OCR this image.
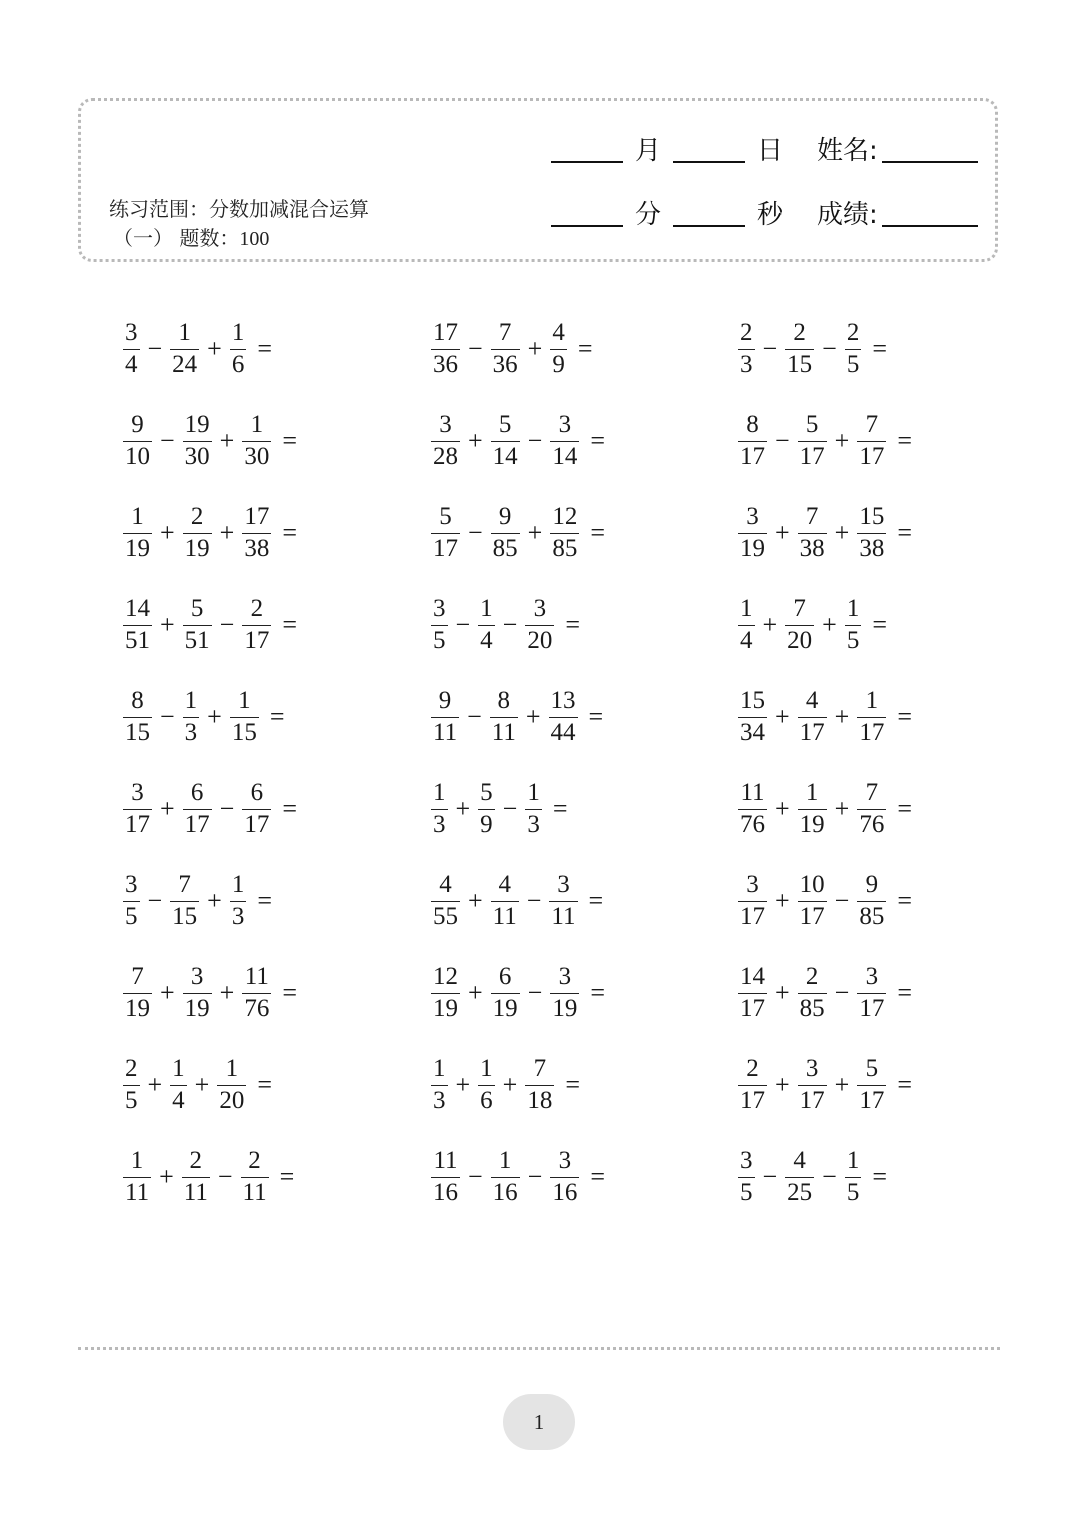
练习范围：分数加减混合运算
（一） 题数：100
月	日 姓名:
分	秒 成绩:
$\frac{3}{4} - \frac{1}{24} + \frac{1}{6}$ =	$\frac{17}{36} - \frac{7}{36} + \frac{4}{9}$ =	$\frac{2}{3} - \frac{2}{15} - \frac{2}{5}$ =
$\frac{9}{10} - \frac{19}{30} + \frac{1}{30}$ =	$\frac{3}{28} + \frac{5}{14} - \frac{3}{14}$ =	$\frac{8}{17} - \frac{5}{17} + \frac{7}{17}$ =
$\frac{1}{19} + \frac{2}{19} + \frac{17}{38}$ =	$\frac{5}{17} - \frac{9}{85} + \frac{12}{85}$ =	$\frac{3}{19} + \frac{7}{38} + \frac{15}{38}$ =
$\frac{14}{51} + \frac{5}{51} - \frac{2}{17}$ =	$\frac{3}{5} - \frac{1}{4} - \frac{3}{20}$ =	$\frac{1}{4} + \frac{7}{20} + \frac{1}{5}$ =
$\frac{8}{15} - \frac{1}{3} + \frac{1}{15}$ =	$\frac{9}{11} - \frac{8}{11} + \frac{13}{44}$ =	$\frac{15}{34} + \frac{4}{17} + \frac{1}{17}$ =
$\frac{3}{17} + \frac{6}{17} - \frac{6}{17}$ =	$\frac{1}{3} + \frac{5}{9} - \frac{1}{3}$ =	$\frac{11}{76} + \frac{1}{19} + \frac{7}{76}$ =
$\frac{3}{5} - \frac{7}{15} + \frac{1}{3}$ =	$\frac{4}{55} + \frac{4}{11} - \frac{3}{11}$ =	$\frac{3}{17} + \frac{10}{17} - \frac{9}{85}$ =
$\frac{7}{19} + \frac{3}{19} + \frac{11}{76}$ =	$\frac{12}{19} + \frac{6}{19} - \frac{3}{19}$ =	$\frac{14}{17} + \frac{2}{85} - \frac{3}{17}$ =
$\frac{2}{5} + \frac{1}{4} + \frac{1}{20}$ =	$\frac{1}{3} + \frac{1}{6} + \frac{7}{18}$ =	$\frac{2}{17} + \frac{3}{17} + \frac{5}{17}$ =
$\frac{1}{11} + \frac{2}{11} - \frac{2}{11}$ =	$\frac{11}{16} - \frac{1}{16} - \frac{3}{16}$ =	$\frac{3}{5} - \frac{4}{25} - \frac{1}{5}$ =
1
